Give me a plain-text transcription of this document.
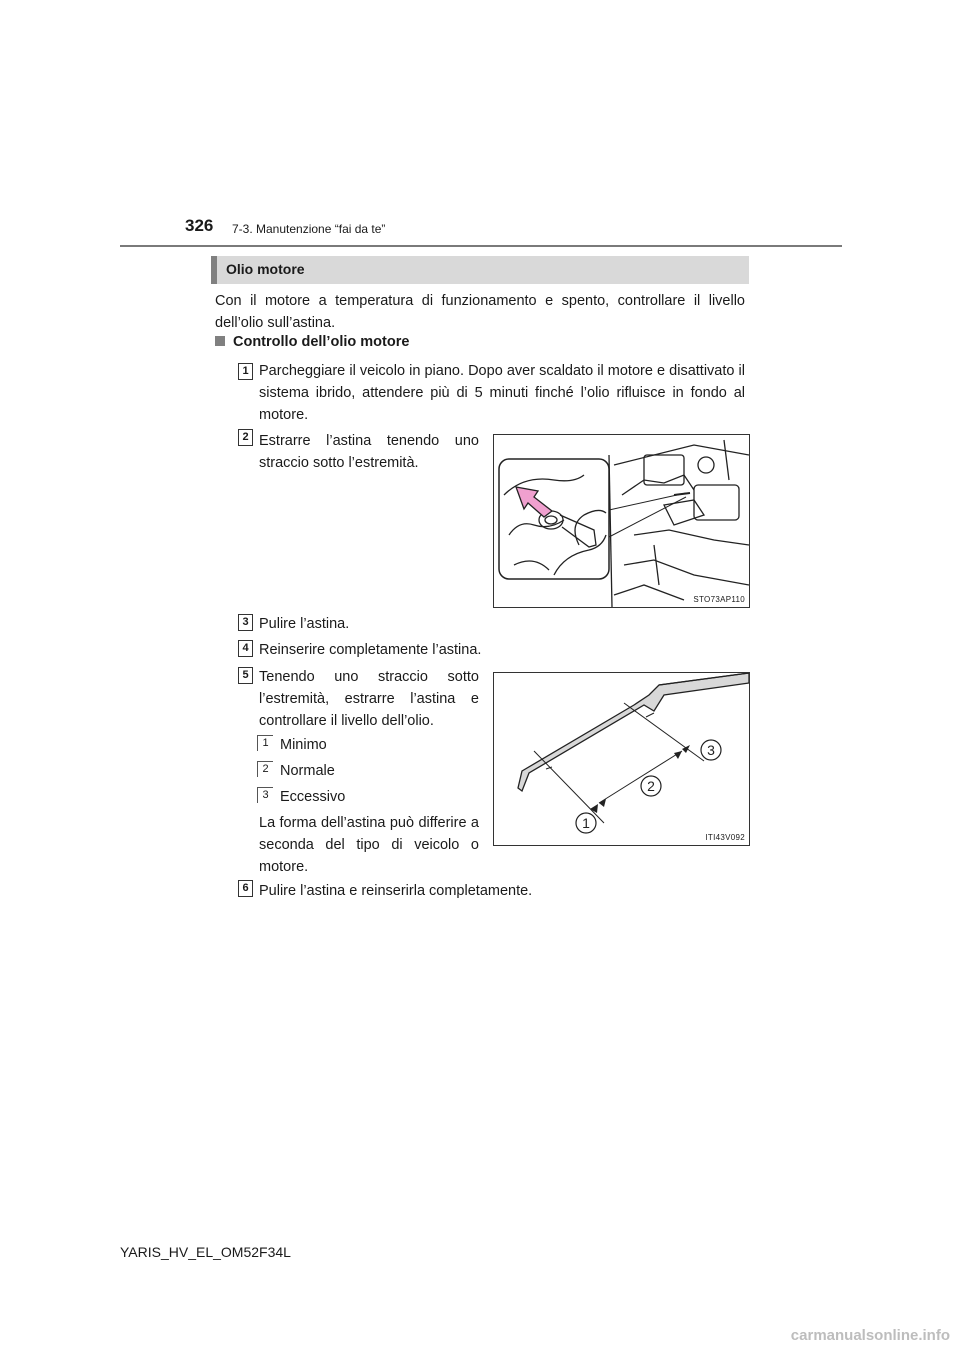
326 7-3. Manutenzione “fai da te”
Olio motore
Con il motore a temperatura di funzionamento e spento, controllare il livello dell’olio sull’astina.
Controllo dell’olio motore
1 Parcheggiare il veicolo in piano. Dopo aver scaldato il motore e disattivato il sistema ibrido, attendere più di 5 minuti finché l’olio rifluisce in fondo al motore.
2 Estrarre l’astina tenendo uno straccio sotto l’estremità.
STO73AP110
3 Pulire l’astina.
4 Reinserire completamente l’astina.
5 Tenendo uno straccio sotto l’estremità, estrarre l’astina e controllare il livello dell’olio.
1 Minimo
2 Normale
3 Eccessivo
La forma dell’astina può differire a seconda del tipo di veicolo o motore.
3
2
1
ITI43V092
6 Pulire l’astina e reinserirla completamente.
YARIS_HV_EL_OM52F34L
carmanualsonline.info
